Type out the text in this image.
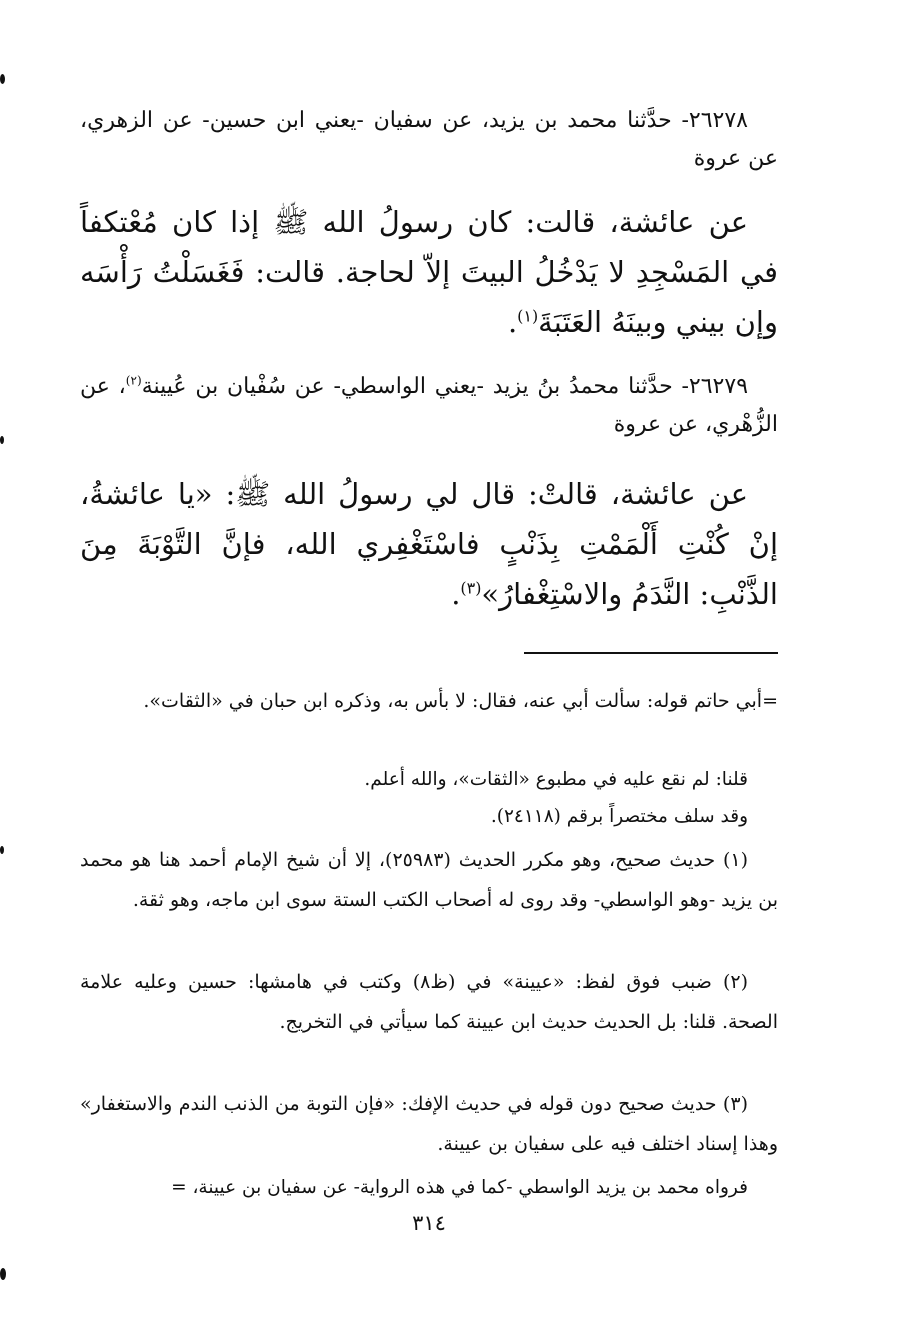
٢٦٢٧٨- حدَّثنا محمد بن يزيد، عن سفيان -يعني ابن حسين- عن الزهري، عن عروة

عن عائشة، قالت: كان رسولُ الله ﷺ إذا كان مُعْتكفاً في المَسْجِدِ لا يَدْخُلُ البيتَ إلاّ لحاجة. قالت: فَغَسَلْتُ رَأْسَه وإن بيني وبينَهُ العَتَبَةَ$^{(١)}$.

٢٦٢٧٩- حدَّثنا محمدُ بنُ يزيد -يعني الواسطي- عن سُفْيان بن عُيينة$^{(٢)}$، عن الزُّهْري، عن عروة

عن عائشة، قالتْ: قال لي رسولُ الله ﷺ: «يا عائشةُ، إنْ كُنْتِ أَلْمَمْتِ بِذَنْبٍ فاسْتَغْفِري الله، فإنَّ التَّوْبَةَ مِنَ الذَّنْبِ: النَّدَمُ والاسْتِغْفارُ»$^{(٣)}$.

=أبي حاتم قوله: سألت أبي عنه، فقال: لا بأس به، وذكره ابن حبان في «الثقات».

قلنا: لم نقع عليه في مطبوع «الثقات»، والله أعلم.

وقد سلف مختصراً برقم (٢٤١١٨).

(١) حديث صحيح، وهو مكرر الحديث (٢٥٩٨٣)، إلا أن شيخ الإمام أحمد هنا هو محمد بن يزيد -وهو الواسطي- وقد روى له أصحاب الكتب الستة سوى ابن ماجه، وهو ثقة.

(٢) ضبب فوق لفظ: «عيينة» في (ظ٨) وكتب في هامشها: حسين وعليه علامة الصحة. قلنا: بل الحديث حديث ابن عيينة كما سيأتي في التخريج.

(٣) حديث صحيح دون قوله في حديث الإفك: «فإن التوبة من الذنب الندم والاستغفار» وهذا إسناد اختلف فيه على سفيان بن عيينة.

فرواه محمد بن يزيد الواسطي -كما في هذه الرواية- عن سفيان بن عيينة، =

٣١٤
